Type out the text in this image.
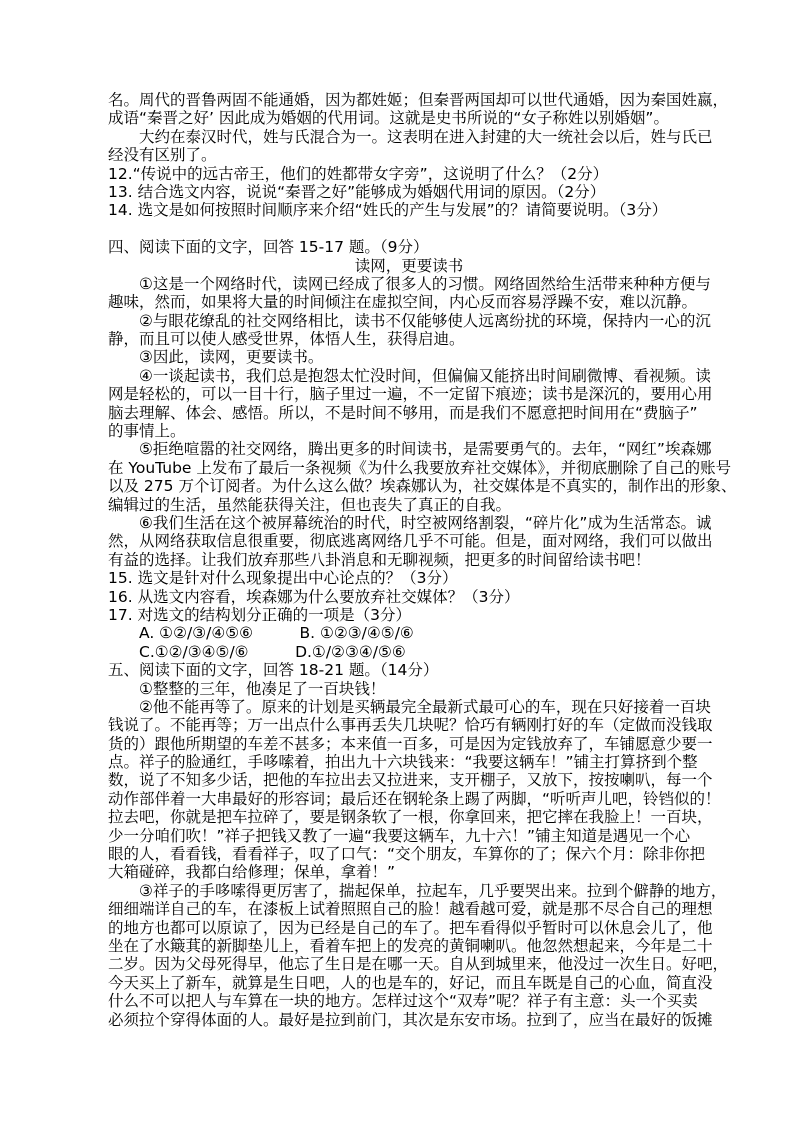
名。周代的晋鲁两固不能通婚，因为都姓姬；但秦晋两国却可以世代通婚，因为秦国姓嬴，
成语“秦晋之好’ 因此成为婚姻的代用词。这就是史书所说的“女子称姓以别婚姻”。
大约在泰汉时代，姓与氏混合为一。这表明在进入封建的大一统社会以后，姓与氏已
经没有区别了。
12.“传说中的远古帝王，他们的姓都带女字旁”，这说明了什么？（2分）
13. 结合选文内容，说说“秦晋之好”能够成为婚姻代用词的原因。（2分）
14. 选文是如何按照时间顺序来介绍“姓氏的产生与发展”的？请简要说明。（3分）
四、阅读下面的文字，回答 15-17 题。（9分）
读网，更要读书
①这是一个网络时代，读网已经成了很多人的习惯。网络固然给生活带来种种方便与
趣味，然而，如果将大量的时间倾注在虚拟空间，内心反而容易浮躁不安，难以沉静。
②与眼花缭乱的社交网络相比，读书不仅能够使人远离纷扰的环境，保持内一心的沉
静，而且可以使人感受世界，体悟人生，获得启迪。
③因此，读网，更要读书。
④一谈起读书，我们总是抱怨太忙没时间，但偏偏又能挤出时间刷微博、看视频。读
网是轻松的，可以一目十行，脑子里过一遍，不一定留下痕迹；读书是深沉的，要用心用
脑去理解、体会、感悟。所以，不是时间不够用，而是我们不愿意把时间用在“费脑子”
的事情上。
⑤拒绝喧嚣的社交网络，腾出更多的时间读书，是需要勇气的。去年，“网红”埃森娜
在 YouTube 上发布了最后一条视频《为什么我要放弃社交媒体》，并彻底删除了自己的账号
以及 275 万个订阅者。为什么这么做？埃森娜认为，社交媒体是不真实的，制作出的形象、
编辑过的生活，虽然能获得关注，但也丧失了真正的自我。
⑥我们生活在这个被屏幕统治的时代，时空被网络割裂，“碎片化”成为生活常态。诚
然，从网络获取信息很重要，彻底逃离网络几乎不可能。但是，面对网络，我们可以做出
有益的选择。让我们放弃那些八卦消息和无聊视频，把更多的时间留给读书吧！
15. 选文是针对什么现象提出中心论点的？（3分）
16. 从选文内容看，埃森娜为什么要放弃社交媒体？（3分）
17. 对选文的结构划分正确的一项是（3分）
A. ①②/③/④⑤⑥　　　B. ①②③/④⑤/⑥
C.①②/③④⑤/⑥　　　D.①/②③④/⑤⑥
五、阅读下面的文字，回答 18-21 题。（14分）
①整整的三年，他凑足了一百块钱！
②他不能再等了。原来的计划是买辆最完全最新式最可心的车，现在只好接着一百块
钱说了。不能再等；万一出点什么事再丢失几块呢？恰巧有辆刚打好的车（定做而没钱取
货的）跟他所期望的车差不甚多；本来值一百多，可是因为定钱放弃了，车铺愿意少要一
点。祥子的脸通红，手哆嗦着，拍出九十六块钱来：“我要这辆车！”铺主打算挤到个整
数，说了不知多少话，把他的车拉出去又拉进来，支开棚子，又放下，按按喇叭，每一个
动作部伴着一大串最好的形容词；最后还在钢轮条上踢了两脚，“听听声儿吧，铃铛似的！
拉去吧，你就是把车拉碎了，要是钢条软了一根，你拿回来，把它摔在我脸上！一百块，
少一分咱们吹！”祥子把钱又教了一遍“我要这辆车，九十六！”铺主知道是遇见一个心
眼的人，看看钱，看看祥子，叹了口气：“交个朋友，车算你的了；保六个月：除非你把
大箱碰碎，我都白给修理；保单，拿着！”
③祥子的手哆嗦得更厉害了，揣起保单，拉起车，几乎要哭出来。拉到个僻静的地方，
细细端详自己的车，在漆板上试着照照自己的脸！越看越可爱，就是那不尽合自己的理想
的地方也都可以原谅了，因为已经是自己的车了。把车看得似乎暂时可以休息会儿了，他
坐在了水簸萁的新脚垫儿上，看着车把上的发亮的黄铜喇叭。他忽然想起来，今年是二十
二岁。因为父母死得早，他忘了生日是在哪一天。自从到城里来，他没过一次生日。好吧，
今天买上了新车，就算是生日吧，人的也是车的，好记，而且车既是自己的心血，简直没
什么不可以把人与车算在一块的地方。怎样过这个“双寿”呢？祥子有主意：头一个买卖
必须拉个穿得体面的人。最好是拉到前门，其次是东安市场。拉到了，应当在最好的饭摊
